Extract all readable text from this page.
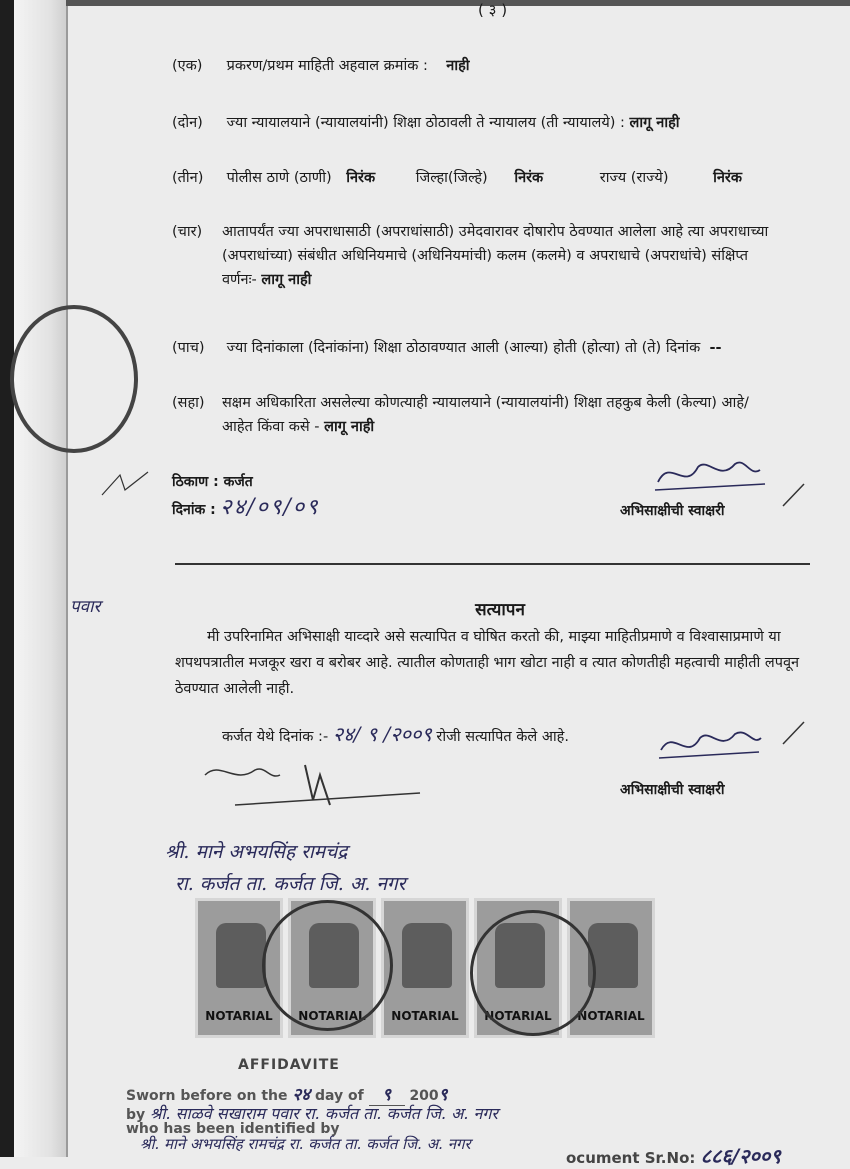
( ३ )
(एक) प्रकरण/प्रथम माहिती अहवाल क्रमांक : नाही
(दोन) ज्या न्यायालयाने (न्यायालयांनी) शिक्षा ठोठावली ते न्यायालय (ती न्यायालये) : लागू नाही
(तीन) पोलीस ठाणे (ठाणी) निरंक	जिल्हा(जिल्हे) निरंक	राज्य (राज्ये)	निरंक
(चार)	आतापर्यंत ज्या अपराधासाठी (अपराधांसाठी) उमेदवारावर दोषारोप ठेवण्यात आलेला आहे त्या अपराधाच्या
(अपराधांच्या) संबंधीत अधिनियमाचे (अधिनियमांची) कलम (कलमे) व अपराधाचे (अपराधांचे) संक्षिप्त
वर्णनः- लागू नाही
(पाच) ज्या दिनांकाला (दिनांकांना) शिक्षा ठोठावण्यात आली (आल्या) होती (होत्या) तो (ते) दिनांक --
(सहा)	सक्षम अधिकारिता असलेल्या कोणत्याही न्यायालयाने (न्यायालयांनी) शिक्षा तहकुब केली (केल्या) आहे/
आहेत किंवा कसे - लागू नाही
ठिकाण : कर्जत
दिनांक : २४/०९/०९	अभिसाक्षीची स्वाक्षरी
सत्यापन
मी उपरिनामित अभिसाक्षी याव्दारे असे सत्यापित व घोषित करतो की, माझ्या माहितीप्रमाणे व विश्वासाप्रमाणे या शपथपत्रातील मजकूर खरा व बरोबर आहे. त्यातील कोणताही भाग खोटा नाही व त्यात कोणतीही महत्वाची माहीती लपवून ठेवण्यात आलेली नाही.
कर्जत येथे दिनांक :- २४/ ९ /२००९ रोजी सत्यापित केले आहे.
अभिसाक्षीची स्वाक्षरी
श्री. माने अभयसिंह रामचंद्र
रा. कर्जत ता. कर्जत जि. अ. नगर
पवार
NOTARIAL	NOTARIAL	NOTARIAL	NOTARIAL	NOTARIAL
AFFIDAVITE
Sworn before on the २४ day of ९ 200९
by श्री. साळवे सखाराम पवार रा. कर्जत ता. कर्जत जि. अ. नगर
who has been identified by
श्री. माने अभयसिंह रामचंद्र रा. कर्जत ता. कर्जत जि. अ. नगर
ocument Sr.No: ८८६/२००९
